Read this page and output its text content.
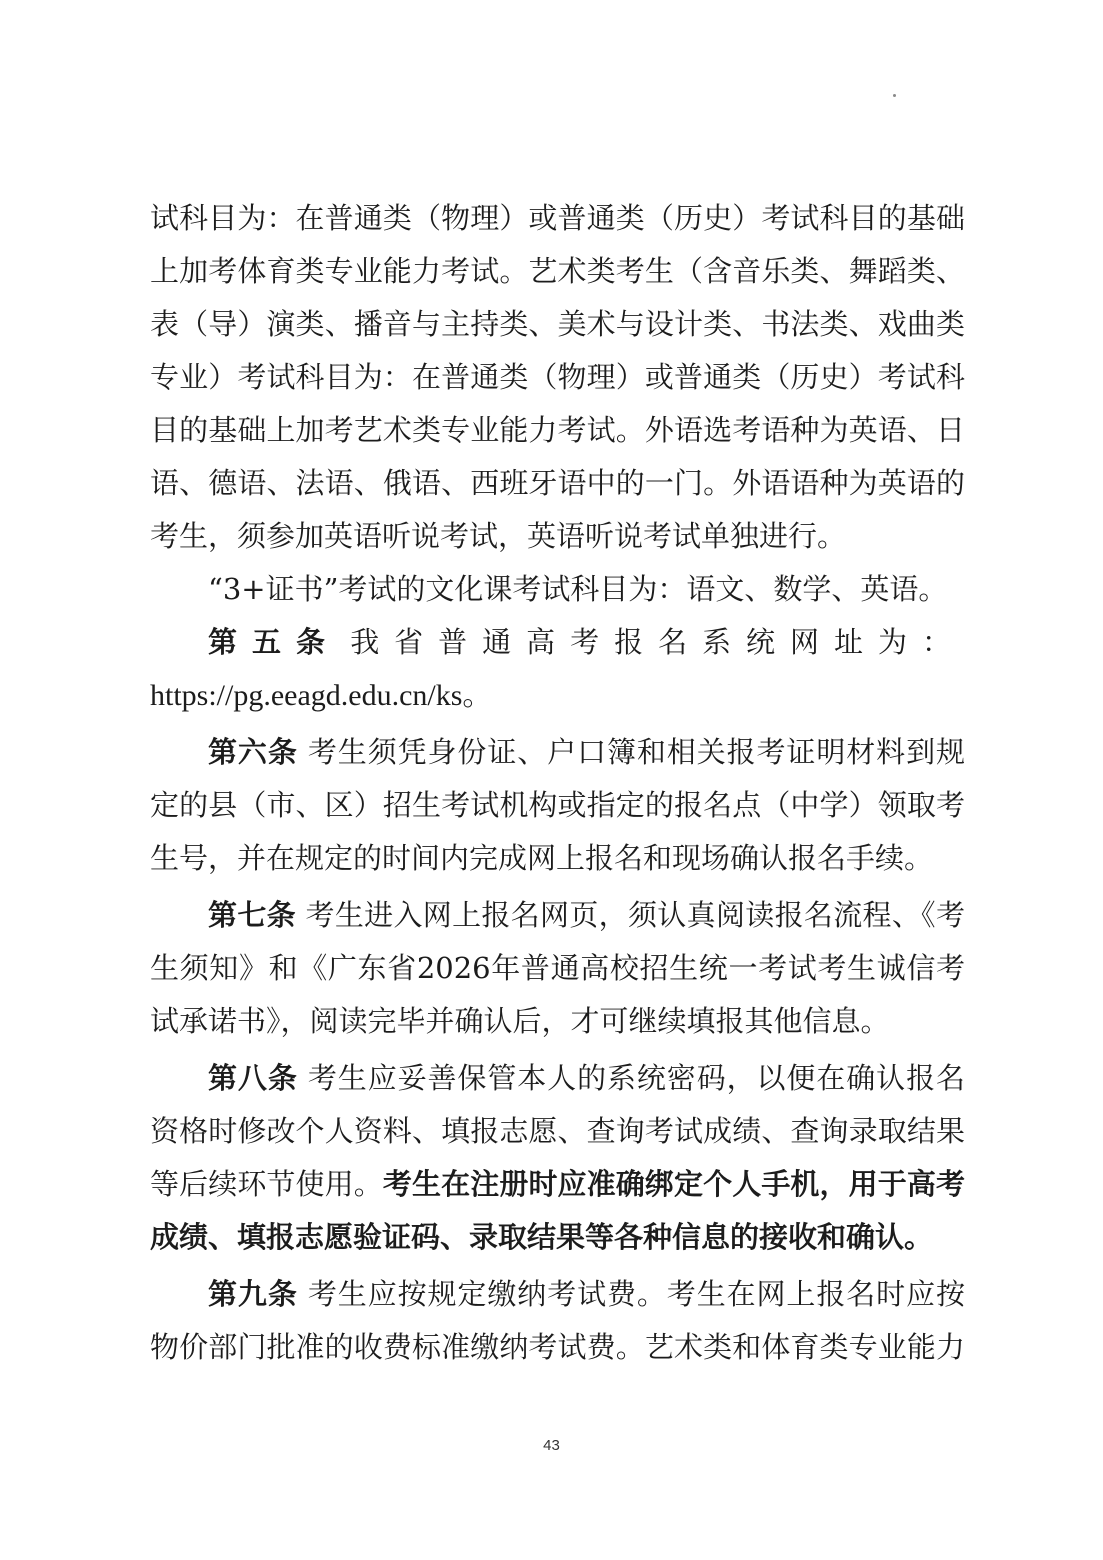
试科目为：在普通类（物理）或普通类（历史）考试科目的基础
上加考体育类专业能力考试。艺术类考生（含音乐类、舞蹈类、
表（导）演类、播音与主持类、美术与设计类、书法类、戏曲类
专业）考试科目为：在普通类（物理）或普通类（历史）考试科
目的基础上加考艺术类专业能力考试。外语选考语种为英语、日
语、德语、法语、俄语、西班牙语中的一门。外语语种为英语的
考生，须参加英语听说考试，英语听说考试单独进行。
“3+证书”考试的文化课考试科目为：语文、数学、英语。
第五条 我省普通高考报名系统网址为：
https://pg.eeagd.edu.cn/ks。
第六条 考生须凭身份证、户口簿和相关报考证明材料到规
定的县（市、区）招生考试机构或指定的报名点（中学）领取考
生号，并在规定的时间内完成网上报名和现场确认报名手续。
第七条 考生进入网上报名网页，须认真阅读报名流程、《考
生须知》和《广东省2026年普通高校招生统一考试考生诚信考
试承诺书》，阅读完毕并确认后，才可继续填报其他信息。
第八条 考生应妥善保管本人的系统密码，以便在确认报名
资格时修改个人资料、填报志愿、查询考试成绩、查询录取结果
等后续环节使用。考生在注册时应准确绑定个人手机，用于高考
成绩、填报志愿验证码、录取结果等各种信息的接收和确认。
第九条 考生应按规定缴纳考试费。考生在网上报名时应按
物价部门批准的收费标准缴纳考试费。艺术类和体育类专业能力
43
